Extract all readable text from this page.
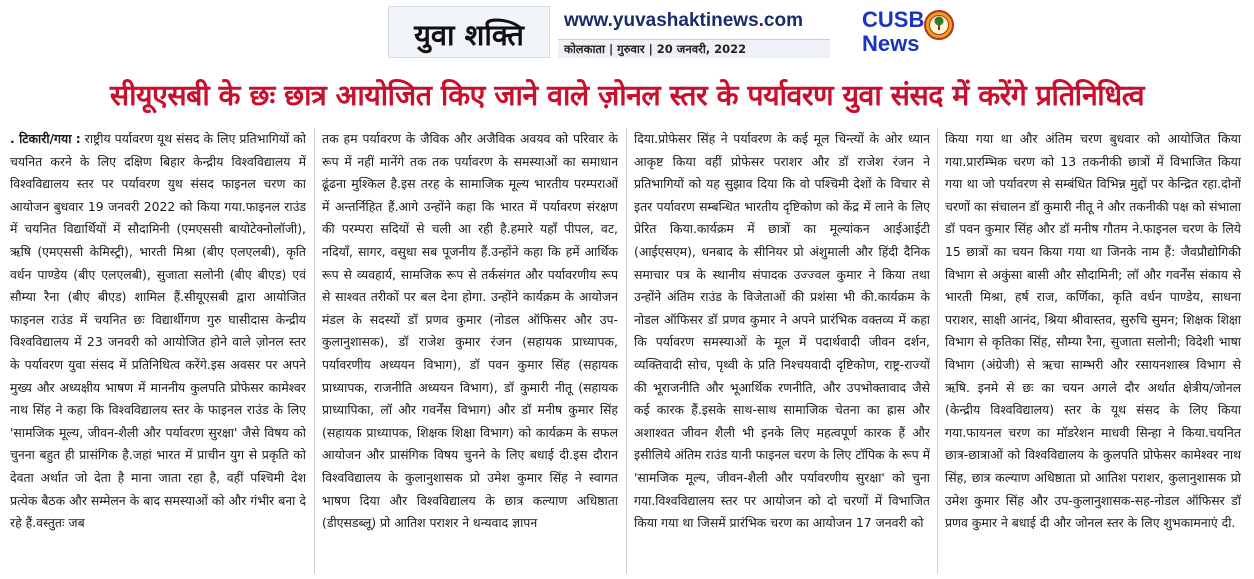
युवा शक्ति	www.yuvashaktinews.com
कोलकाता | गुरुवार | 20 जनवरी, 2022
CUSB
News
सीयूएसबी के छः छात्र आयोजित किए जाने वाले ज़ोनल स्तर के पर्यावरण युवा संसद में करेंगे प्रतिनिधित्व

. टिकारी/गया : राष्ट्रीय पर्यावरण यूथ संसद के लिए प्रतिभागियों को चयनित करने के लिए दक्षिण बिहार केन्द्रीय विश्वविद्यालय में विश्वविद्यालय स्तर पर पर्यावरण युथ संसद फाइनल चरण का आयोजन बुधवार 19 जनवरी 2022 को किया गया.फाइनल राउंड में चयनित विद्यार्थियों में सौदामिनी (एमएससी बायोटेक्नोलॉजी), ऋषि (एमएससी केमिस्ट्री), भारती मिश्रा (बीए एलएलबी), कृति वर्धन पाण्डेय (बीए एलएलबी), सुजाता सलोनी (बीए बीएड) एवं सौम्या रैना (बीए बीएड) शामिल हैं.सीयूएसबी द्वारा आयोजित फाइनल राउंड में चयनित छः विद्यार्थीगण गुरु घासीदास केन्द्रीय विश्वविद्यालय में 23 जनवरी को आयोजित होने वाले ज़ोनल स्तर के पर्यावरण युवा संसद में प्रतिनिधित्व करेंगे.इस अवसर पर अपने मुख्य और अध्यक्षीय भाषण में माननीय कुलपति प्रोफेसर कामेश्वर नाथ सिंह ने कहा कि विश्वविद्यालय स्तर के फाइनल राउंड के लिए 'सामजिक मूल्य, जीवन-शैली और पर्यावरण सुरक्षा' जैसे विषय को चुनना बहुत ही प्रासंगिक है.जहां भारत में प्राचीन युग से प्रकृति को देवता अर्थात जो देता है माना जाता रहा है, वहीं पश्चिमी देश प्रत्येक बैठक और सम्मेलन के बाद समस्याओं को और गंभीर बना दे रहे हैं.वस्तुतः जब

तक हम पर्यावरण के जैविक और अजैविक अवयव को परिवार के रूप में नहीं मानेंगे तक तक पर्यावरण के समस्याओं का समाधान ढूंढना मुश्किल है.इस तरह के सामाजिक मूल्य भारतीय परम्पराओं में अन्तर्निहित हैं.आगे उन्होंने कहा कि भारत में पर्यावरण संरक्षण की परम्परा सदियों से चली आ रही है.हमारे यहाँ पीपल, वट, नदियाँ, सागर, वसुधा सब पूजनीय हैं.उन्होंने कहा कि हमें आर्थिक रूप से व्यवहार्य, सामजिक रूप से तर्कसंगत और पर्यावरणीय रूप से साश्वत तरीकों पर बल देना होगा. उन्होंने कार्यक्रम के आयोजन मंडल के सदस्यों डॉ प्रणव कुमार (नोडल ऑफिसर और उप-कुलानुशासक), डॉ राजेश कुमार रंजन (सहायक प्राध्यापक, पर्यावरणीय अध्ययन विभाग), डॉ पवन कुमार सिंह (सहायक प्राध्यापक, राजनीति अध्ययन विभाग), डॉ कुमारी नीतू (सहायक प्राध्यापिका, लॉ और गवर्नेंस विभाग) और डॉ मनीष कुमार सिंह (सहायक प्राध्यापक, शिक्षक शिक्षा विभाग) को कार्यक्रम के सफल आयोजन और प्रासंगिक विषय चुनने के लिए बधाई दी.इस दौरान विश्वविद्यालय के कुलानुशासक प्रो उमेश कुमार सिंह ने स्वागत भाषण दिया और विश्वविद्यालय के छात्र कल्याण अधिष्ठाता (डीएसडब्लू) प्रो आतिश पराशर ने धन्यवाद ज्ञापन

दिया.प्रोफेसर सिंह ने पर्यावरण के कई मूल चिन्त्यों के ओर ध्यान आकृष्ट किया वहीं प्रोफेसर पराशर और डॉ राजेश रंजन ने प्रतिभागियों को यह सुझाव दिया कि वो पश्चिमी देशों के विचार से इतर पर्यावरण सम्बन्धित भारतीय दृष्टिकोण को केंद्र में लाने के लिए प्रेरित किया.कार्यक्रम में छात्रों का मूल्यांकन आईआईटी (आईएसएम), धनबाद के सीनियर प्रो अंशुमाली और हिंदी दैनिक समाचार पत्र के स्थानीय संपादक उज्ज्वल कुमार ने किया तथा उन्होंने अंतिम राउंड के विजेताओं की प्रशंसा भी की.कार्यक्रम के नोडल ऑफिसर डॉ प्रणव कुमार ने अपने प्रारंभिक वक्तव्य में कहा कि पर्यावरण समस्याओं के मूल में पदार्थवादी जीवन दर्शन, व्यक्तिवादी सोच, पृथ्वी के प्रति निश्चयवादी दृष्टिकोण, राष्ट्र-राज्यों की भूराजनीति और भूआर्थिक रणनीति, और उपभोक्तावाद जैसे कई कारक हैं.इसके साथ-साथ सामाजिक चेतना का ह्रास और अशाश्वत जीवन शैली भी इनके लिए महत्वपूर्ण कारक हैं और इसीलिये अंतिम राउंड यानी फाइनल चरण के लिए टॉपिक के रूप में 'सामजिक मूल्य, जीवन-शैली और पर्यावरणीय सुरक्षा' को चुना गया.विश्वविद्यालय स्तर पर आयोजन को दो चरणों में विभाजित किया गया था जिसमें प्रारंभिक चरण का आयोजन 17 जनवरी को

किया गया था और अंतिम चरण बुधवार को आयोजित किया गया.प्रारम्भिक चरण को 13 तकनीकी छात्रों में विभाजित किया गया था जो पर्यावरण से सम्बंधित विभिन्न मुद्दों पर केन्द्रित रहा.दोनों चरणों का संचालन डॉ कुमारी नीतू ने और तकनीकी पक्ष को संभाला डॉ पवन कुमार सिंह और डॉ मनीष गौतम ने.फाइनल चरण के लिये 15 छात्रों का चयन किया गया था जिनके नाम हैं: जैवप्रौद्योगिकी विभाग से अकुंसा बासी और सौदामिनी; लॉ और गवर्नेंस संकाय से भारती मिश्रा, हर्ष राज, कर्णिका, कृति वर्धन पाण्डेय, साधना पराशर, साक्षी आनंद, श्रिया श्रीवास्तव, सुरुचि सुमन; शिक्षक शिक्षा विभाग से कृतिका सिंह, सौम्या रैना, सुजाता सलोनी; विदेशी भाषा विभाग (अंग्रेजी) से ऋचा साम्भरी और रसायनशास्त्र विभाग से ऋषि. इनमे से छः का चयन अगले दौर अर्थात क्षेत्रीय/जोनल (केन्द्रीय विश्वविद्यालय) स्तर के यूथ संसद के लिए किया गया.फायनल चरण का मॉडरेशन माधवी सिन्हा ने किया.चयनित छात्र-छात्राओं को विश्वविद्यालय के कुलपति प्रोफेसर कामेश्वर नाथ सिंह, छात्र कल्याण अधिष्ठाता प्रो आतिश पराशर, कुलानुशासक प्रो उमेश कुमार सिंह और उप-कुलानुशासक-सह-नोडल ऑफिसर डॉ प्रणव कुमार ने बधाई दी और जोनल स्तर के लिए शुभकामनाएं दी.
